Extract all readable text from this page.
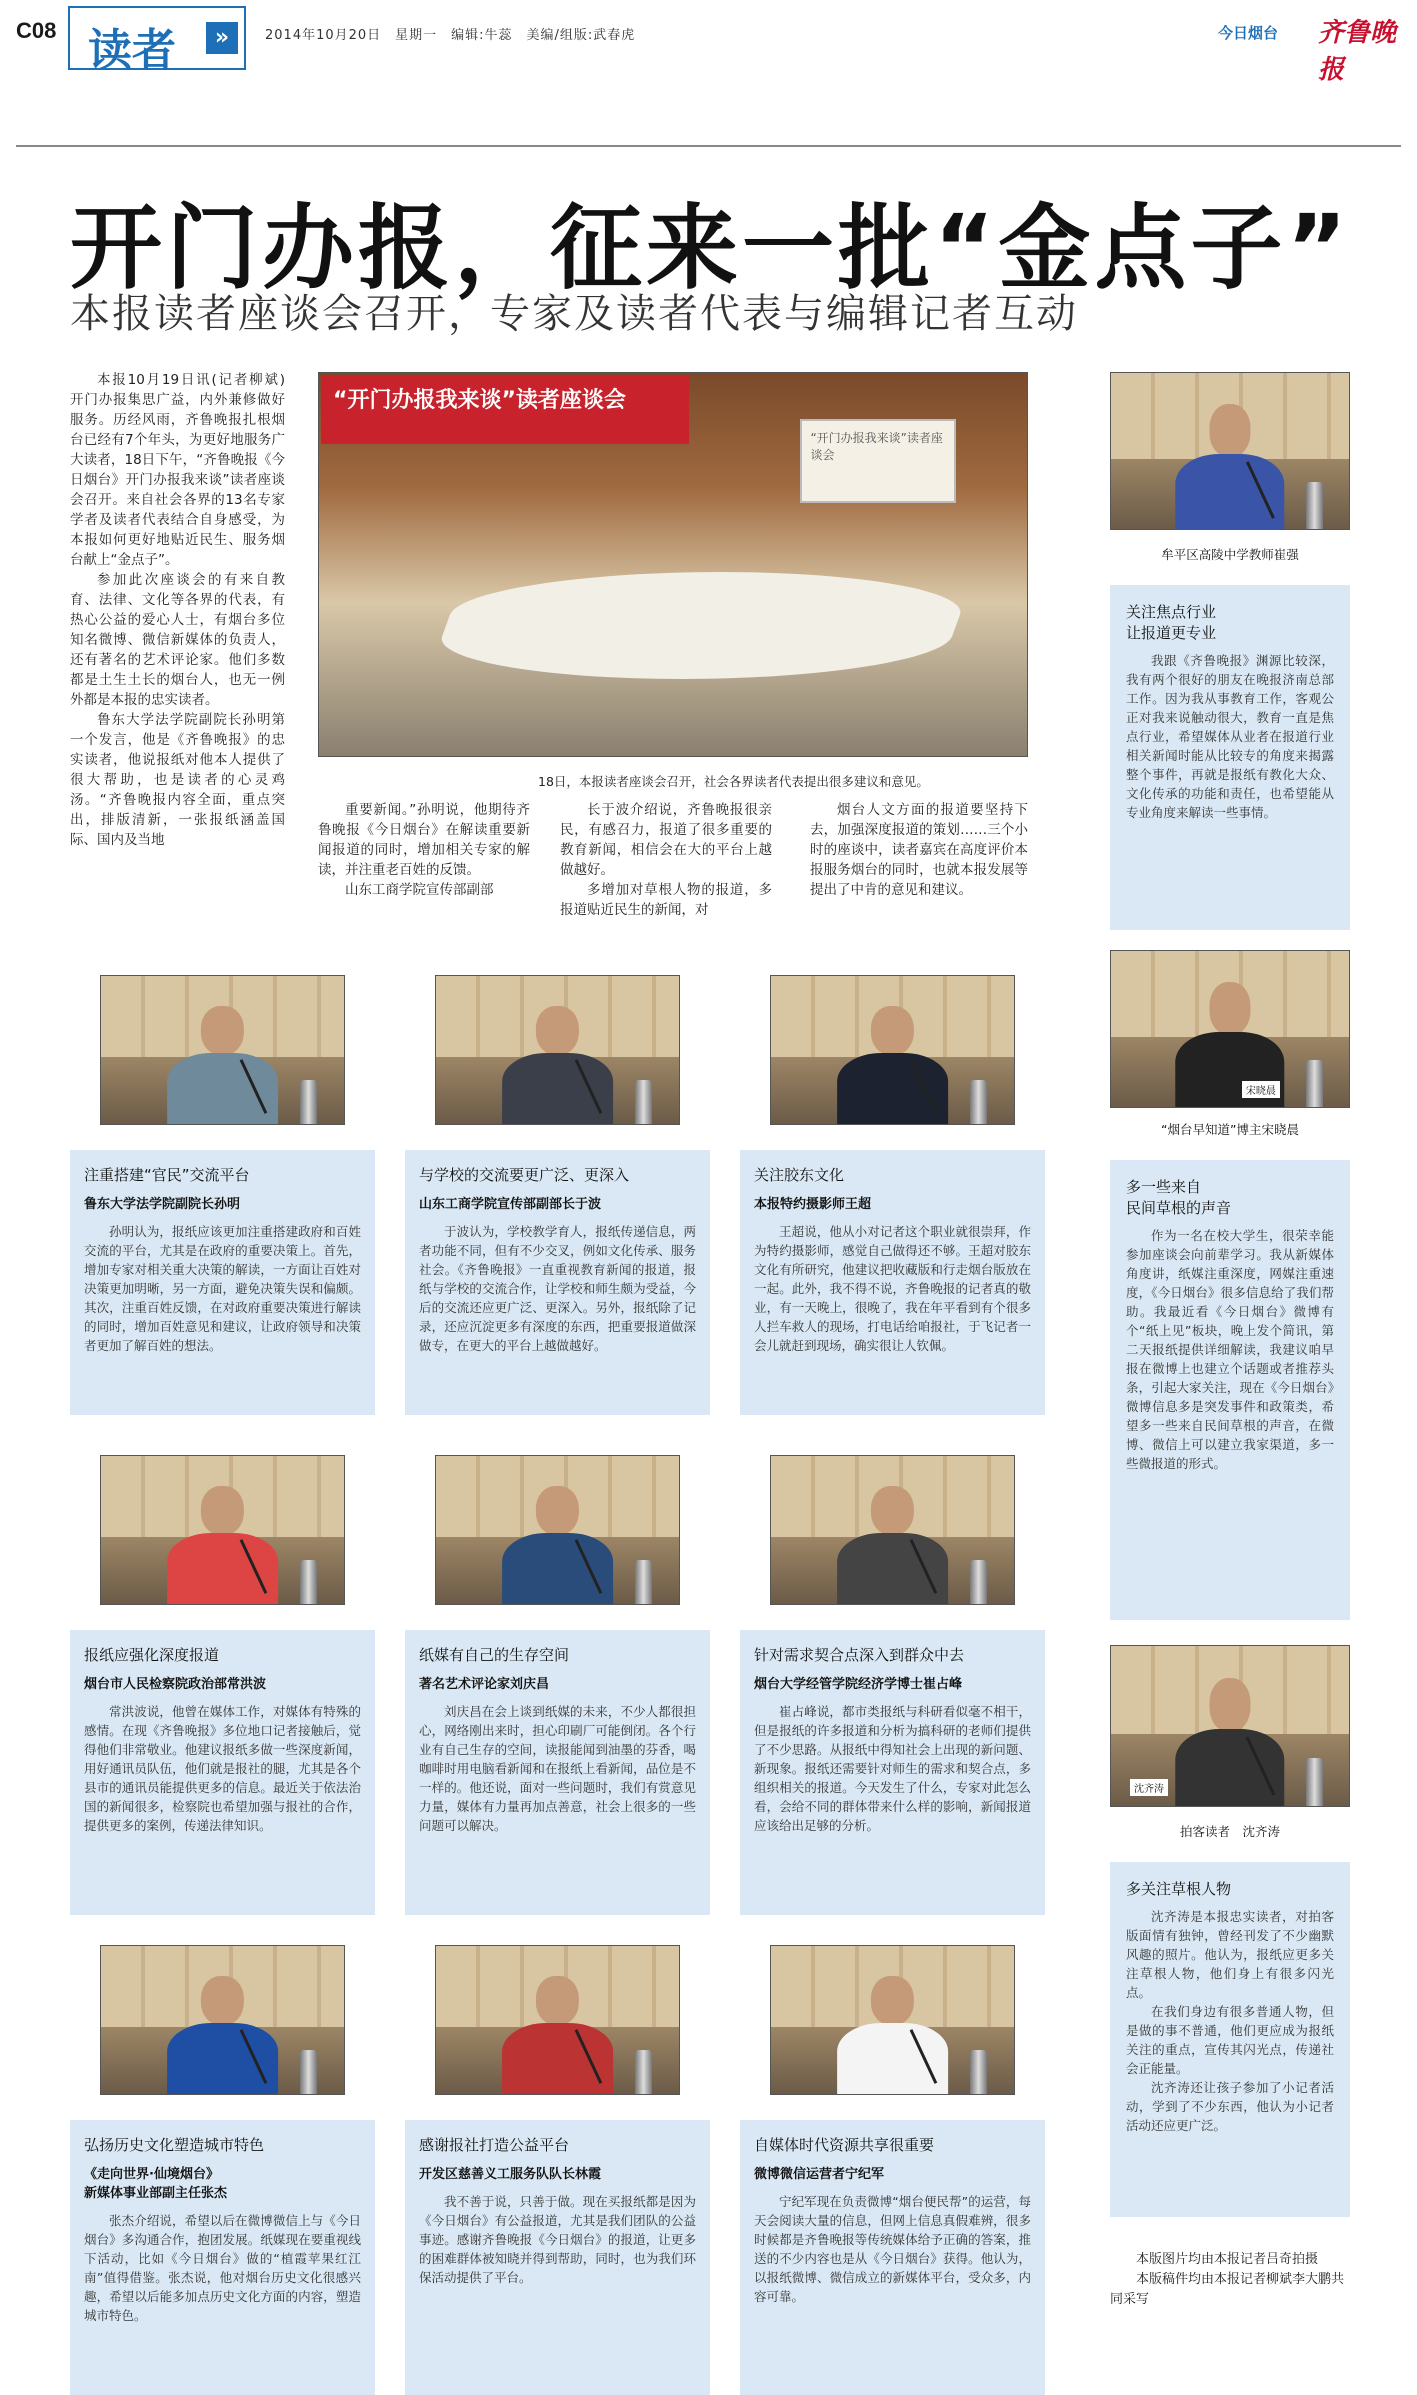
C08 读者	»	2014年10月20日　星期一　编辑:牛蕊　美编/组版:武春虎	今日烟台 齐鲁晚报
开门办报，征来一批“金点子”
本报读者座谈会召开，专家及读者代表与编辑记者互动

本报10月19日讯(记者柳斌)　开门办报集思广益，内外兼修做好服务。历经风雨，齐鲁晚报扎根烟台已经有7个年头，为更好地服务广大读者，18日下午，“齐鲁晚报《今日烟台》开门办报我来谈”读者座谈会召开。来自社会各界的13名专家学者及读者代表结合自身感受，为本报如何更好地贴近民生、服务烟台献上“金点子”。

参加此次座谈会的有来自教育、法律、文化等各界的代表，有热心公益的爱心人士，有烟台多位知名微博、微信新媒体的负责人，还有著名的艺术评论家。他们多数都是土生土长的烟台人，也无一例外都是本报的忠实读者。

鲁东大学法学院副院长孙明第一个发言，他是《齐鲁晚报》的忠实读者，他说报纸对他本人提供了很大帮助，也是读者的心灵鸡汤。“齐鲁晚报内容全面，重点突出，排版清新，一张报纸涵盖国际、国内及当地

“开门办报我来谈”读者座谈会
“开门办报我来谈”读者座谈会
18日，本报读者座谈会召开，社会各界读者代表提出很多建议和意见。

重要新闻。”孙明说，他期待齐鲁晚报《今日烟台》在解读重要新闻报道的同时，增加相关专家的解读，并注重老百姓的反馈。

山东工商学院宣传部副部

长于波介绍说，齐鲁晚报很亲民，有感召力，报道了很多重要的教育新闻，相信会在大的平台上越做越好。

多增加对草根人物的报道，多报道贴近民生的新闻，对

烟台人文方面的报道要坚持下去，加强深度报道的策划……三个小时的座谈中，读者嘉宾在高度评价本报服务烟台的同时，也就本报发展等提出了中肯的意见和建议。

牟平区高陵中学教师崔强
关注焦点行业
让报道更专业

我跟《齐鲁晚报》渊源比较深，我有两个很好的朋友在晚报济南总部工作。因为我从事教育工作，客观公正对我来说触动很大，教育一直是焦点行业，希望媒体从业者在报道行业相关新闻时能从比较专的角度来揭露整个事件，再就是报纸有教化大众、文化传承的功能和责任，也希望能从专业角度来解读一些事情。

宋晓晨
“烟台早知道”博主宋晓晨
多一些来自
民间草根的声音

作为一名在校大学生，很荣幸能参加座谈会向前辈学习。我从新媒体角度讲，纸媒注重深度，网媒注重速度，《今日烟台》很多信息给了我们帮助。我最近看《今日烟台》微博有个“纸上见”板块，晚上发个简讯，第二天报纸提供详细解读，我建议咱早报在微博上也建立个话题或者推荐头条，引起大家关注，现在《今日烟台》微博信息多是突发事件和政策类，希望多一些来自民间草根的声音，在微博、微信上可以建立我家渠道，多一些微报道的形式。

沈齐涛
拍客读者　沈齐涛
多关注草根人物

沈齐涛是本报忠实读者，对拍客版面情有独钟，曾经刊发了不少幽默风趣的照片。他认为，报纸应更多关注草根人物，他们身上有很多闪光点。

在我们身边有很多普通人物，但是做的事不普通，他们更应成为报纸关注的重点，宣传其闪光点，传递社会正能量。

沈齐涛还让孩子参加了小记者活动，学到了不少东西，他认为小记者活动还应更广泛。

本版图片均由本报记者吕奇拍摄
本版稿件均由本报记者柳斌李大鹏共同采写
注重搭建“官民”交流平台
鲁东大学法学院副院长孙明

孙明认为，报纸应该更加注重搭建政府和百姓交流的平台，尤其是在政府的重要决策上。首先，增加专家对相关重大决策的解读，一方面让百姓对决策更加明晰，另一方面，避免决策失误和偏颇。其次，注重百姓反馈，在对政府重要决策进行解读的同时，增加百姓意见和建议，让政府领导和决策者更加了解百姓的想法。

与学校的交流要更广泛、更深入
山东工商学院宣传部副部长于波

于波认为，学校教学育人，报纸传递信息，两者功能不同，但有不少交叉，例如文化传承、服务社会。《齐鲁晚报》一直重视教育新闻的报道，报纸与学校的交流合作，让学校和师生颇为受益，今后的交流还应更广泛、更深入。另外，报纸除了记录，还应沉淀更多有深度的东西，把重要报道做深做专，在更大的平台上越做越好。

关注胶东文化
本报特约摄影师王超

王超说，他从小对记者这个职业就很崇拜，作为特约摄影师，感觉自己做得还不够。王超对胶东文化有所研究，他建议把收藏版和行走烟台版放在一起。此外，我不得不说，齐鲁晚报的记者真的敬业，有一天晚上，很晚了，我在年平看到有个很多人拦车救人的现场，打电话给咱报社，于飞记者一会儿就赶到现场，确实很让人钦佩。

报纸应强化深度报道
烟台市人民检察院政治部常洪波

常洪波说，他曾在媒体工作，对媒体有特殊的感情。在现《齐鲁晚报》多位地口记者接触后，觉得他们非常敬业。他建议报纸多做一些深度新闻，用好通讯员队伍，他们就是报社的腿，尤其是各个县市的通讯员能提供更多的信息。最近关于依法治国的新闻很多，检察院也希望加强与报社的合作，提供更多的案例，传递法律知识。

纸媒有自己的生存空间
著名艺术评论家刘庆昌

刘庆昌在会上谈到纸媒的未来，不少人都很担心，网络刚出来时，担心印刷厂可能倒闭。各个行业有自己生存的空间，读报能闻到油墨的芬香，喝咖啡时用电脑看新闻和在报纸上看新闻，品位是不一样的。他还说，面对一些问题时，我们有赏意见力量，媒体有力量再加点善意，社会上很多的一些问题可以解决。

针对需求契合点深入到群众中去
烟台大学经管学院经济学博士崔占峰

崔占峰说，都市类报纸与科研看似毫不相干，但是报纸的许多报道和分析为搞科研的老师们提供了不少思路。从报纸中得知社会上出现的新问题、新现象。报纸还需要针对师生的需求和契合点，多组织相关的报道。今天发生了什么，专家对此怎么看，会给不同的群体带来什么样的影响，新闻报道应该给出足够的分析。

弘扬历史文化塑造城市特色
《走向世界·仙境烟台》
新媒体事业部副主任张杰

张杰介绍说，希望以后在微博微信上与《今日烟台》多沟通合作，抱团发展。纸媒现在要重视线下活动，比如《今日烟台》做的“植霞苹果红江南”值得借鉴。张杰说，他对烟台历史文化很感兴趣，希望以后能多加点历史文化方面的内容，塑造城市特色。

感谢报社打造公益平台
开发区慈善义工服务队队长林霞

我不善于说，只善于做。现在买报纸都是因为《今日烟台》有公益报道，尤其是我们团队的公益事迹。感谢齐鲁晚报《今日烟台》的报道，让更多的困难群体被知晓并得到帮助，同时，也为我们环保活动提供了平台。

自媒体时代资源共享很重要
微博微信运营者宁纪军

宁纪军现在负责微博“烟台便民帮”的运营，每天会阅读大量的信息，但网上信息真假难辨，很多时候都是齐鲁晚报等传统媒体给予正确的答案，推送的不少内容也是从《今日烟台》获得。他认为，以报纸微博、微信成立的新媒体平台，受众多，内容可靠。
